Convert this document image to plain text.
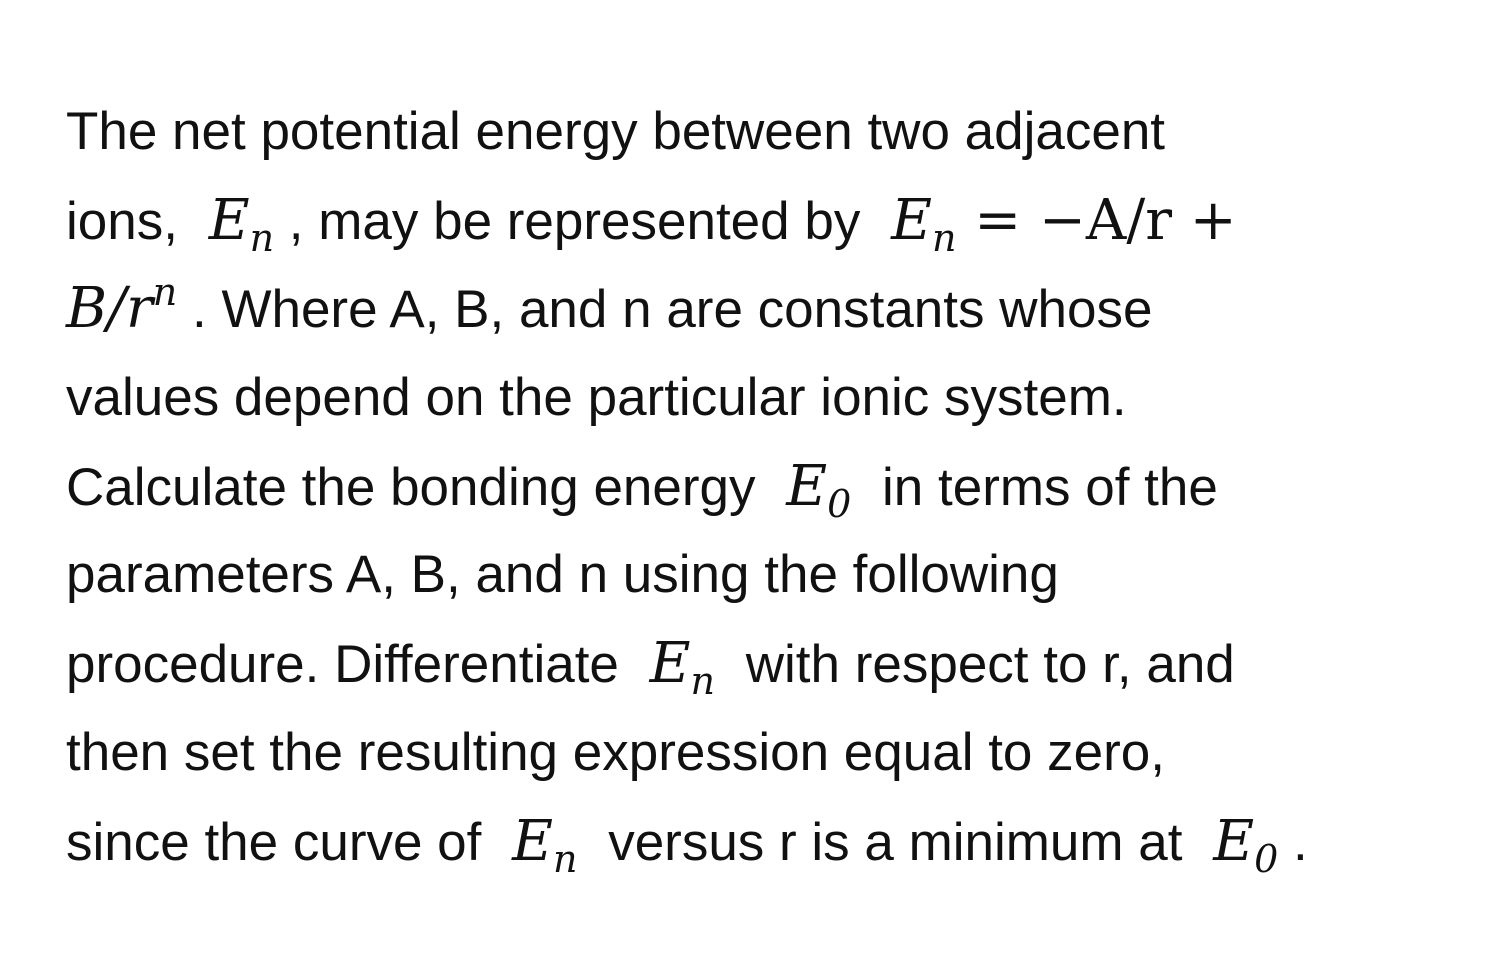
The net potential energy between two adjacent
ions, $E_n$ , may be represented by $E_n = -A/r$ +
$B/r^n$ . Where A, B, and n are constants whose
values depend on the particular ionic system.
Calculate the bonding energy $E_0$ in terms of the
parameters A, B, and n using the following
procedure. Differentiate $E_n$ with respect to r, and
then set the resulting expression equal to zero,
since the curve of $E_n$ versus r is a minimum at $E_0$ .
